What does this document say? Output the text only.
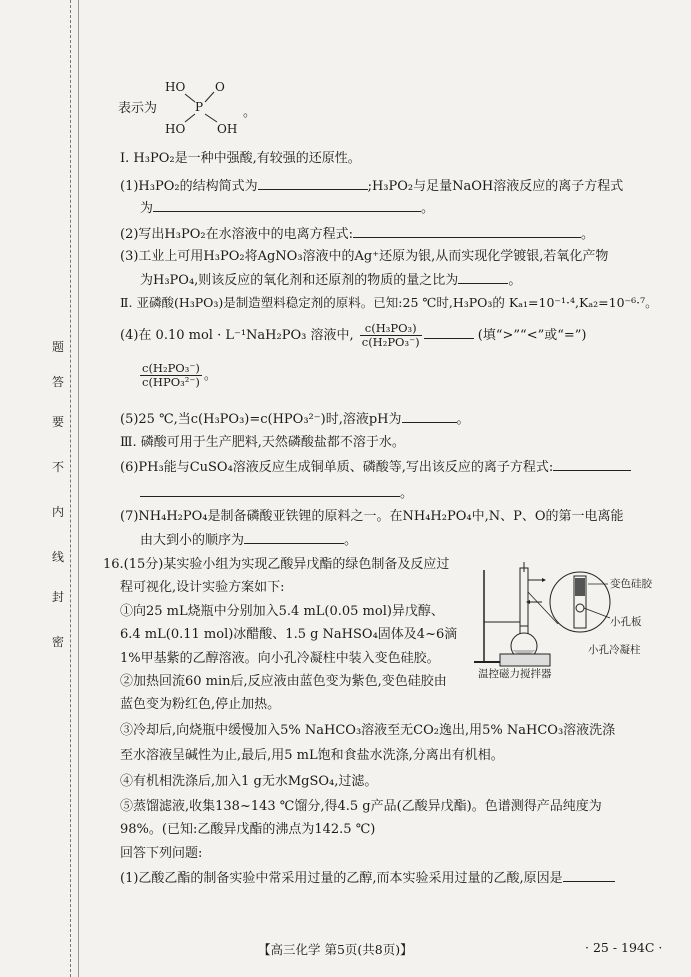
题
答
要
不
内
线
封
密
表示为
HO O
P
HO	OH
。
Ⅰ. H₃PO₂是一种中强酸,有较强的还原性。
(1)H₃PO₂的结构简式为	;H₃PO₂与足量NaOH溶液反应的离子方程式
为	。
(2)写出H₃PO₂在水溶液中的电离方程式:	。
(3)工业上可用H₃PO₂将AgNO₃溶液中的Ag⁺还原为银,从而实现化学镀银,若氧化产物
为H₃PO₄,则该反应的氧化剂和还原剂的物质的量之比为	。
Ⅱ. 亚磷酸(H₃PO₃)是制造塑料稳定剂的原料。已知:25 ℃时,H₃PO₃的 Kₐ₁=10⁻¹·⁴,Kₐ₂=10⁻⁶·⁷。
(4)在 0.10 mol · L⁻¹NaH₂PO₃ 溶液中, $\frac{\text{c(H₃PO₃)}}{\text{c(H₂PO₃⁻)}}$	(填“>”“<”或“=”)
$\frac{\text{c(H₂PO₃⁻)}}{\text{c(HPO₃²⁻)}}$ 。
(5)25 ℃,当c(H₃PO₃)=c(HPO₃²⁻)时,溶液pH为	。
Ⅲ. 磷酸可用于生产肥料,天然磷酸盐都不溶于水。
(6)PH₃能与CuSO₄溶液反应生成铜单质、磷酸等,写出该反应的离子方程式:
。
(7)NH₄H₂PO₄是制备磷酸亚铁锂的原料之一。在NH₄H₂PO₄中,N、P、O的第一电离能
由大到小的顺序为	。
16.(15分)某实验小组为实现乙酸异戊酯的绿色制备及反应过
程可视化,设计实验方案如下:
①向25 mL烧瓶中分别加入5.4 mL(0.05 mol)异戊醇、
6.4 mL(0.11 mol)冰醋酸、1.5 g NaHSO₄固体及4~6滴
1%甲基紫的乙醇溶液。向小孔冷凝柱中装入变色硅胶。
②加热回流60 min后,反应液由蓝色变为紫色,变色硅胶由
蓝色变为粉红色,停止加热。
③冷却后,向烧瓶中缓慢加入5% NaHCO₃溶液至无CO₂逸出,用5% NaHCO₃溶液洗涤
至水溶液呈碱性为止,最后,用5 mL饱和食盐水洗涤,分离出有机相。
④有机相洗涤后,加入1 g无水MgSO₄,过滤。
⑤蒸馏滤液,收集138~143 ℃馏分,得4.5 g产品(乙酸异戊酯)。色谱测得产品纯度为
98%。(已知:乙酸异戊酯的沸点为142.5 ℃)
回答下列问题:
(1)乙酸乙酯的制备实验中常采用过量的乙醇,而本实验采用过量的乙酸,原因是
变色硅胶
小孔板
小孔冷凝柱
温控磁力搅拌器
【高三化学 第5页(共8页)】	· 25 - 194C ·
